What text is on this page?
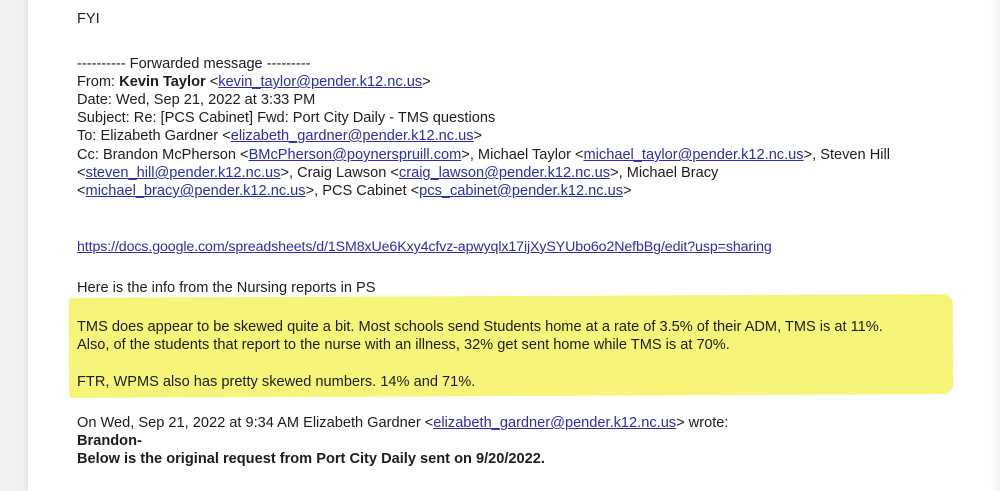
FYI
---------- Forwarded message ---------
From: Kevin Taylor <kevin_taylor@pender.k12.nc.us>
Date: Wed, Sep 21, 2022 at 3:33 PM
Subject: Re: [PCS Cabinet] Fwd: Port City Daily - TMS questions
To: Elizabeth Gardner <elizabeth_gardner@pender.k12.nc.us>
Cc: Brandon McPherson <BMcPherson@poynerspruill.com>, Michael Taylor <michael_taylor@pender.k12.nc.us>, Steven Hill
<steven_hill@pender.k12.nc.us>, Craig Lawson <craig_lawson@pender.k12.nc.us>, Michael Bracy
<michael_bracy@pender.k12.nc.us>, PCS Cabinet <pcs_cabinet@pender.k12.nc.us>
https://docs.google.com/spreadsheets/d/1SM8xUe6Kxy4cfvz-apwyqlx17ijXySYUbo6o2NefbBg/edit?usp=sharing
Here is the info from the Nursing reports in PS
TMS does appear to be skewed quite a bit. Most schools send Students home at a rate of 3.5% of their ADM, TMS is at 11%.
Also, of the students that report to the nurse with an illness, 32% get sent home while TMS is at 70%.
FTR, WPMS also has pretty skewed numbers. 14% and 71%.
On Wed, Sep 21, 2022 at 9:34 AM Elizabeth Gardner <elizabeth_gardner@pender.k12.nc.us> wrote:
Brandon-
Below is the original request from Port City Daily sent on 9/20/2022.
